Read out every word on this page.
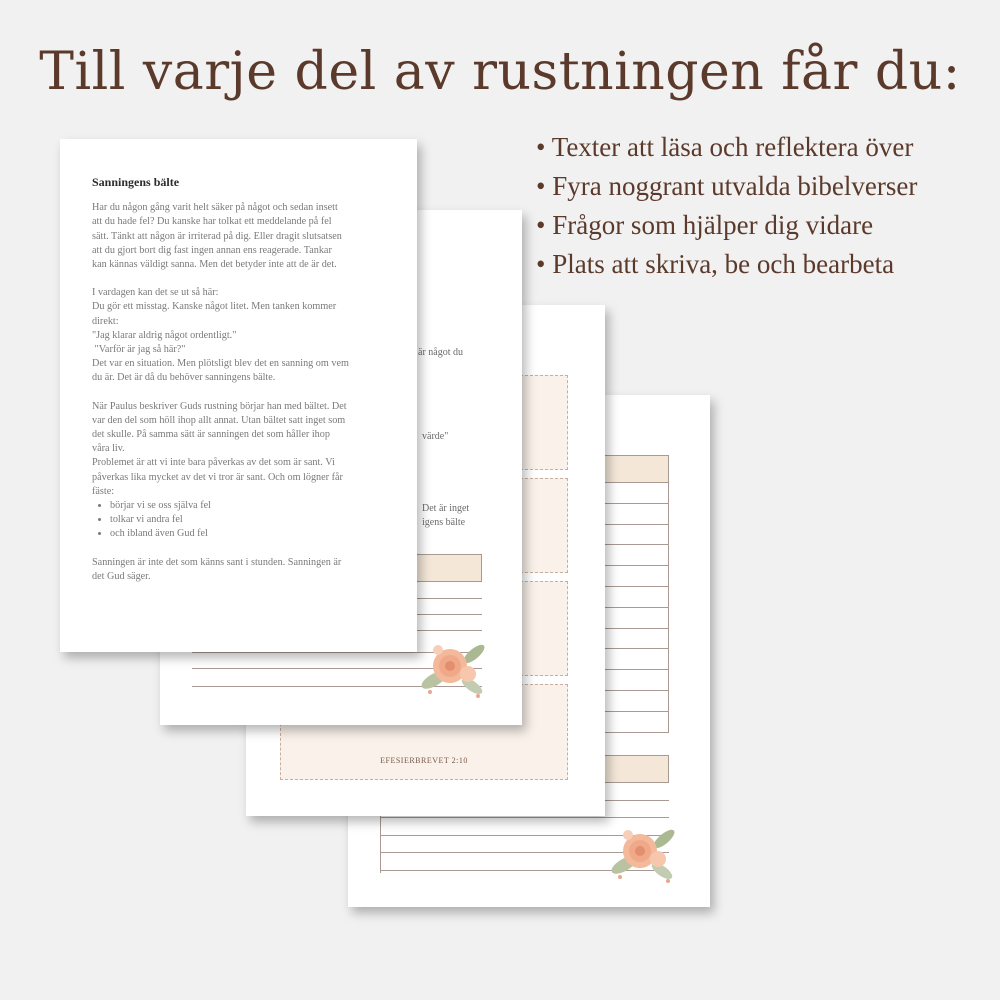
Till varje del av rustningen får du:
• Texter att läsa och reflektera över
• Fyra noggrant utvalda bibelverser
• Frågor som hjälper dig vidare
• Plats att skriva, be och bearbeta
EFESIERBREVET 2:10
är något du
värde"
Det är inget
igens bälte
Sanningens bälte
Har du någon gång varit helt säker på något och sedan insett
att du hade fel? Du kanske har tolkat ett meddelande på fel
sätt. Tänkt att någon är irriterad på dig. Eller dragit slutsatsen
att du gjort bort dig fast ingen annan ens reagerade. Tankar
kan kännas väldigt sanna. Men det betyder inte att de är det.
I vardagen kan det se ut så här:
Du gör ett misstag. Kanske något litet. Men tanken kommer
direkt:
"Jag klarar aldrig något ordentligt."
"Varför är jag så här?"
Det var en situation. Men plötsligt blev det en sanning om vem
du är. Det är då du behöver sanningens bälte.
När Paulus beskriver Guds rustning börjar han med bältet. Det
var den del som höll ihop allt annat. Utan bältet satt inget som
det skulle. På samma sätt är sanningen det som håller ihop
våra liv.
Problemet är att vi inte bara påverkas av det som är sant. Vi
påverkas lika mycket av det vi tror är sant. Och om lögner får
fäste:
• börjar vi se oss själva fel
• tolkar vi andra fel
• och ibland även Gud fel
Sanningen är inte det som känns sant i stunden. Sanningen är
det Gud säger.
